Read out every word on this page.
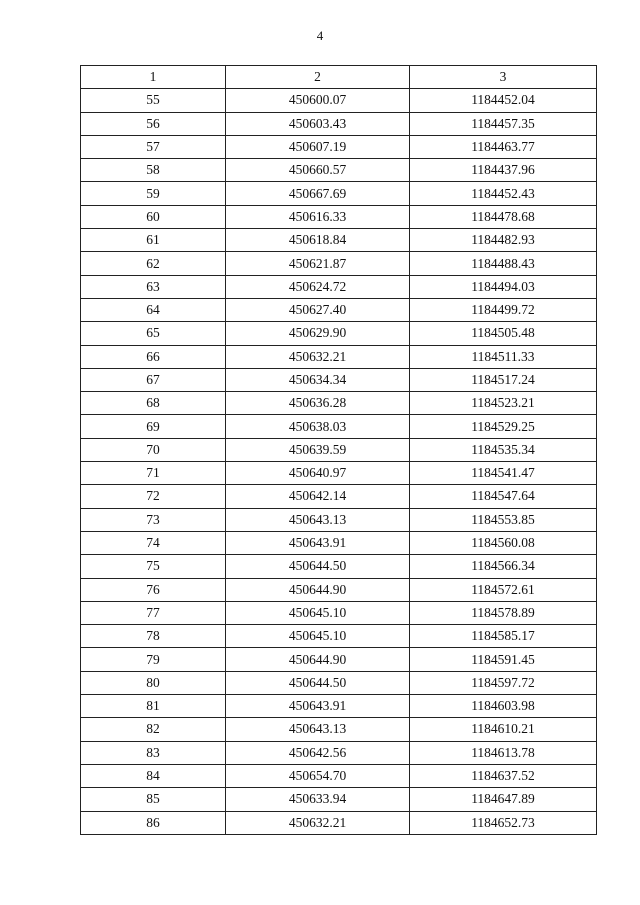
4
1	2	3
55	450600.07	1184452.04
56	450603.43	1184457.35
57	450607.19	1184463.77
58	450660.57	1184437.96
59	450667.69	1184452.43
60	450616.33	1184478.68
61	450618.84	1184482.93
62	450621.87	1184488.43
63	450624.72	1184494.03
64	450627.40	1184499.72
65	450629.90	1184505.48
66	450632.21	1184511.33
67	450634.34	1184517.24
68	450636.28	1184523.21
69	450638.03	1184529.25
70	450639.59	1184535.34
71	450640.97	1184541.47
72	450642.14	1184547.64
73	450643.13	1184553.85
74	450643.91	1184560.08
75	450644.50	1184566.34
76	450644.90	1184572.61
77	450645.10	1184578.89
78	450645.10	1184585.17
79	450644.90	1184591.45
80	450644.50	1184597.72
81	450643.91	1184603.98
82	450643.13	1184610.21
83	450642.56	1184613.78
84	450654.70	1184637.52
85	450633.94	1184647.89
86	450632.21	1184652.73
